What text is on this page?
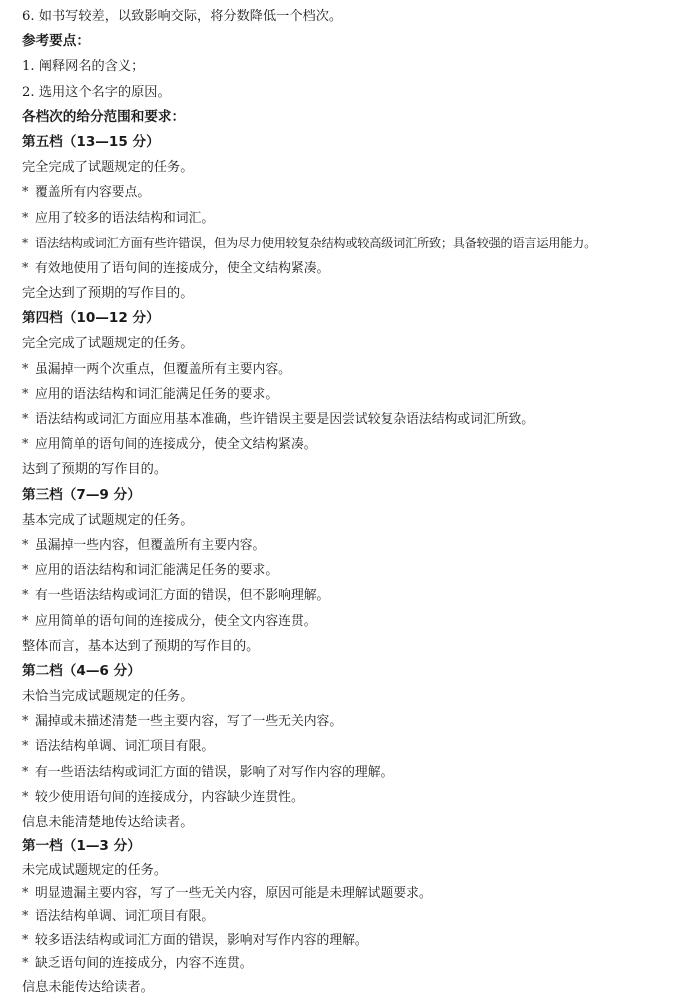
6. 如书写较差，以致影响交际，将分数降低一个档次。
参考要点：
1. 阐释网名的含义；
2. 选用这个名字的原因。
各档次的给分范围和要求：
第五档（13—15 分）
完全完成了试题规定的任务。
* 覆盖所有内容要点。
* 应用了较多的语法结构和词汇。
* 语法结构或词汇方面有些许错误，但为尽力使用较复杂结构或较高级词汇所致；具备较强的语言运用能力。
* 有效地使用了语句间的连接成分，使全文结构紧凑。
完全达到了预期的写作目的。
第四档（10—12 分）
完全完成了试题规定的任务。
* 虽漏掉一两个次重点，但覆盖所有主要内容。
* 应用的语法结构和词汇能满足任务的要求。
* 语法结构或词汇方面应用基本准确，些许错误主要是因尝试较复杂语法结构或词汇所致。
* 应用简单的语句间的连接成分，使全文结构紧凑。
达到了预期的写作目的。
第三档（7—9 分）
基本完成了试题规定的任务。
* 虽漏掉一些内容，但覆盖所有主要内容。
* 应用的语法结构和词汇能满足任务的要求。
* 有一些语法结构或词汇方面的错误，但不影响理解。
* 应用简单的语句间的连接成分，使全文内容连贯。
整体而言，基本达到了预期的写作目的。
第二档（4—6 分）
未恰当完成试题规定的任务。
* 漏掉或未描述清楚一些主要内容，写了一些无关内容。
* 语法结构单调、词汇项目有限。
* 有一些语法结构或词汇方面的错误，影响了对写作内容的理解。
* 较少使用语句间的连接成分，内容缺少连贯性。
信息未能清楚地传达给读者。
第一档（1—3 分）
未完成试题规定的任务。
* 明显遗漏主要内容，写了一些无关内容，原因可能是未理解试题要求。
* 语法结构单调、词汇项目有限。
* 较多语法结构或词汇方面的错误，影响对写作内容的理解。
* 缺乏语句间的连接成分，内容不连贯。
信息未能传达给读者。
